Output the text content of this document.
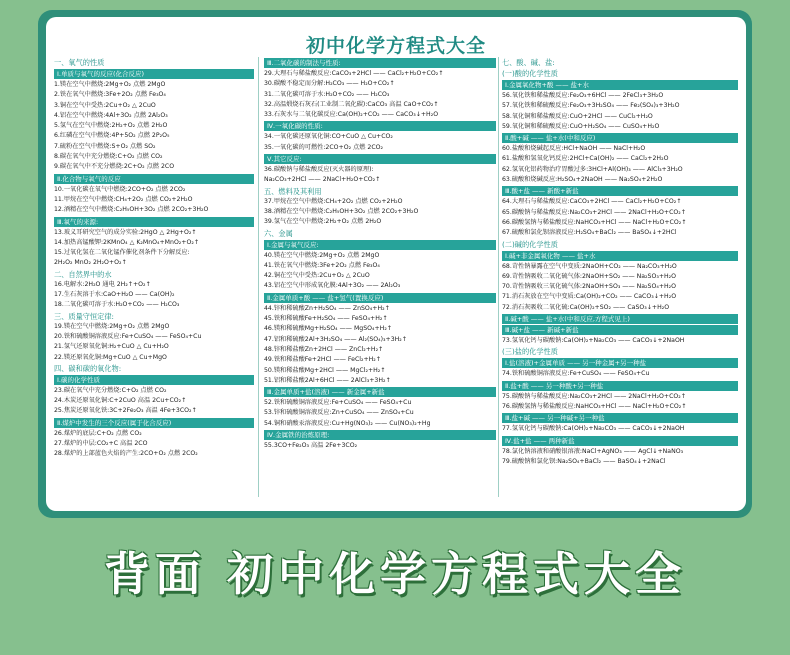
初中化学方程式大全
一、氧气的性质
Ⅰ.单质与氧气的反应(化合反应)
1.镁在空气中燃烧:2Mg+O₂ 点燃 2MgO
2.铁在氧气中燃烧:3Fe+2O₂ 点燃 Fe₃O₄
3.铜在空气中受热:2Cu+O₂ △ 2CuO
4.铝在空气中燃烧:4Al+3O₂ 点燃 2Al₂O₃
5.氢气在空气中燃烧:2H₂+O₂ 点燃 2H₂O
6.红磷在空气中燃烧:4P+5O₂ 点燃 2P₂O₅
7.硫粉在空气中燃烧:S+O₂ 点燃 SO₂
8.碳在氧气中充分燃烧:C+O₂ 点燃 CO₂
9.碳在氧气中不充分燃烧:2C+O₂ 点燃 2CO
Ⅱ.化合物与氧气的反应
10.一氧化碳在氧气中燃烧:2CO+O₂ 点燃 2CO₂
11.甲烷在空气中燃烧:CH₄+2O₂ 点燃 CO₂+2H₂O
12.酒精在空气中燃烧:C₂H₅OH+3O₂ 点燃 2CO₂+3H₂O
Ⅲ.氧气的来源:
13.玻义耳研究空气的成分实验:2HgO △ 2Hg+O₂↑
14.加热高锰酸钾:2KMnO₄ △ K₂MnO₄+MnO₂+O₂↑
15.过氧化氢在二氧化锰作催化剂条件下分解反应:
2H₂O₂ MnO₂ 2H₂O+O₂↑
二、自然界中的水
16.电解水:2H₂O 通电 2H₂↑+O₂↑
17.生石灰溶于水:CaO+H₂O —— Ca(OH)₂
18.二氧化碳可溶于水:H₂O+CO₂ —— H₂CO₃
三、质量守恒定律:
19.镁在空气中燃烧:2Mg+O₂ 点燃 2MgO
20.铁和硫酸铜溶液反应:Fe+CuSO₄ —— FeSO₄+Cu
21.氢气还原氧化铜:H₂+CuO △ Cu+H₂O
22.镁还原氧化铜:Mg+CuO △ Cu+MgO
四、碳和碳的氧化物:
Ⅰ.碳的化学性质
23.碳在氧气中充分燃烧:C+O₂ 点燃 CO₂
24.木炭还原氧化铜:C+2CuO 高温 2Cu+CO₂↑
25.焦炭还原氧化铁:3C+2Fe₂O₃ 高温 4Fe+3CO₂↑
Ⅱ.煤炉中发生的三个反应(属于化合反应)
26.煤炉的底层:C+O₂ 点燃 CO₂
27.煤炉的中层:CO₂+C 高温 2CO
28.煤炉的上部蓝色火焰的产生:2CO+O₂ 点燃 2CO₂
Ⅲ.二氧化碳的制法与性质:
29.大理石与稀盐酸反应:CaCO₃+2HCl —— CaCl₂+H₂O+CO₂↑
30.碳酸不稳定而分解:H₂CO₃ —— H₂O+CO₂↑
31.二氧化碳可溶于水:H₂O+CO₂ —— H₂CO₃
32.高温煅烧石灰石(工业制二氧化碳):CaCO₃ 高温 CaO+CO₂↑
33.石灰水与二氧化碳反应:Ca(OH)₂+CO₂ —— CaCO₃↓+H₂O
Ⅳ.一氧化碳的性质:
34.一氧化碳还原氧化铜:CO+CuO △ Cu+CO₂
35.一氧化碳的可燃性:2CO+O₂ 点燃 2CO₂
Ⅴ.其它反应:
36.碳酸钠与稀盐酸反应(灭火器的原理):
Na₂CO₃+2HCl —— 2NaCl+H₂O+CO₂↑
五、燃料及其利用
37.甲烷在空气中燃烧:CH₄+2O₂ 点燃 CO₂+2H₂O
38.酒精在空气中燃烧:C₂H₅OH+3O₂ 点燃 2CO₂+3H₂O
39.氢气在空气中燃烧:2H₂+O₂ 点燃 2H₂O
六、金属
Ⅰ.金属与氧气反应:
40.镁在空气中燃烧:2Mg+O₂ 点燃 2MgO
41.铁在氧气中燃烧:3Fe+2O₂ 点燃 Fe₃O₄
42.铜在空气中受热:2Cu+O₂ △ 2CuO
43.铝在空气中形成氧化膜:4Al+3O₂ —— 2Al₂O₃
Ⅱ.金属单质+酸 —— 盐+氢气(置换反应)
44.锌和稀硫酸Zn+H₂SO₄ —— ZnSO₄+H₂↑
45.铁和稀硫酸Fe+H₂SO₄ —— FeSO₄+H₂↑
46.镁和稀硫酸Mg+H₂SO₄ —— MgSO₄+H₂↑
47.铝和稀硫酸2Al+3H₂SO₄ —— Al₂(SO₄)₃+3H₂↑
48.锌和稀盐酸Zn+2HCl —— ZnCl₂+H₂↑
49.铁和稀盐酸Fe+2HCl —— FeCl₂+H₂↑
50.镁和稀盐酸Mg+2HCl —— MgCl₂+H₂↑
51.铝和稀盐酸2Al+6HCl —— 2AlCl₃+3H₂↑
Ⅲ.金属单质+盐(溶液) —— 新金属+新盐
52.铁和硫酸铜溶液反应:Fe+CuSO₄ —— FeSO₄+Cu
53.锌和硫酸铜溶液反应:Zn+CuSO₄ —— ZnSO₄+Cu
54.铜和硝酸汞溶液反应:Cu+Hg(NO₃)₂ —— Cu(NO₃)₂+Hg
Ⅳ.金属铁的治炼原理:
55.3CO+Fe₂O₃ 高温 2Fe+3CO₂
七、酸、碱、盐:
(一)酸的化学性质
Ⅰ.金属氧化物+酸 —— 盐+水
56.氧化铁和稀盐酸反应:Fe₂O₃+6HCl —— 2FeCl₃+3H₂O
57.氧化铁和稀硫酸反应:Fe₂O₃+3H₂SO₄ —— Fe₂(SO₄)₃+3H₂O
58.氧化铜和稀盐酸反应:CuO+2HCl —— CuCl₂+H₂O
59.氧化铜和稀硫酸反应:CuO+H₂SO₄ —— CuSO₄+H₂O
Ⅱ.酸+碱 —— 盐+水(中和反应)
60.盐酸和烧碱起反应:HCl+NaOH —— NaCl+H₂O
61.盐酸和氢氧化钙反应:2HCl+Ca(OH)₂ —— CaCl₂+2H₂O
62.氢氧化铝药物治疗胃酸过多:3HCl+Al(OH)₃ —— AlCl₃+3H₂O
63.硫酸和烧碱反应:H₂SO₄+2NaOH —— Na₂SO₄+2H₂O
Ⅲ.酸+盐 —— 新酸+新盐
64.大理石与稀盐酸反应:CaCO₃+2HCl —— CaCl₂+H₂O+CO₂↑
65.碳酸钠与稀盐酸反应:Na₂CO₃+2HCl —— 2NaCl+H₂O+CO₂↑
66.碳酸氢钠与稀盐酸反应:NaHCO₃+HCl —— NaCl+H₂O+CO₂↑
67.硫酸和氯化钡溶液反应:H₂SO₄+BaCl₂ —— BaSO₄↓+2HCl
(二)碱的化学性质
Ⅰ.碱+非金属氧化物 —— 盐+水
68.苛性钠暴露在空气中变质:2NaOH+CO₂ —— Na₂CO₃+H₂O
69.苛性钠吸收二氧化硫气体:2NaOH+SO₂ —— Na₂SO₃+H₂O
70.苛性钠吸收三氧化硫气体:2NaOH+SO₃ —— Na₂SO₄+H₂O
71.消石灰放在空气中变质:Ca(OH)₂+CO₂ —— CaCO₃↓+H₂O
72.消石灰吸收二氧化硫:Ca(OH)₂+SO₂ —— CaSO₃↓+H₂O
Ⅱ.碱+酸 —— 盐+水(中和反应,方程式见上)
Ⅲ.碱+盐 —— 新碱+新盐
73.氢氧化钙与碳酸钠:Ca(OH)₂+Na₂CO₃ —— CaCO₃↓+2NaOH
(三)盐的化学性质
Ⅰ.盐(溶液)+金属单质 —— 另一种金属+另一种盐
74.铁和硫酸铜溶液反应:Fe+CuSO₄ —— FeSO₄+Cu
Ⅱ.盐+酸 —— 另一种酸+另一种盐
75.碳酸钠与稀盐酸反应:Na₂CO₃+2HCl —— 2NaCl+H₂O+CO₂↑
76.碳酸氢钠与稀盐酸反应:NaHCO₃+HCl —— NaCl+H₂O+CO₂↑
Ⅲ.盐+碱 —— 另一种碱+另一种盐
77.氢氧化钙与碳酸钠:Ca(OH)₂+Na₂CO₃ —— CaCO₃↓+2NaOH
Ⅳ.盐+盐 —— 两种新盐
78.氯化钠溶液和硝酸银溶液:NaCl+AgNO₃ —— AgCl↓+NaNO₃
79.硫酸钠和氯化钡:Na₂SO₄+BaCl₂ —— BaSO₄↓+2NaCl
背面 初中化学方程式大全
